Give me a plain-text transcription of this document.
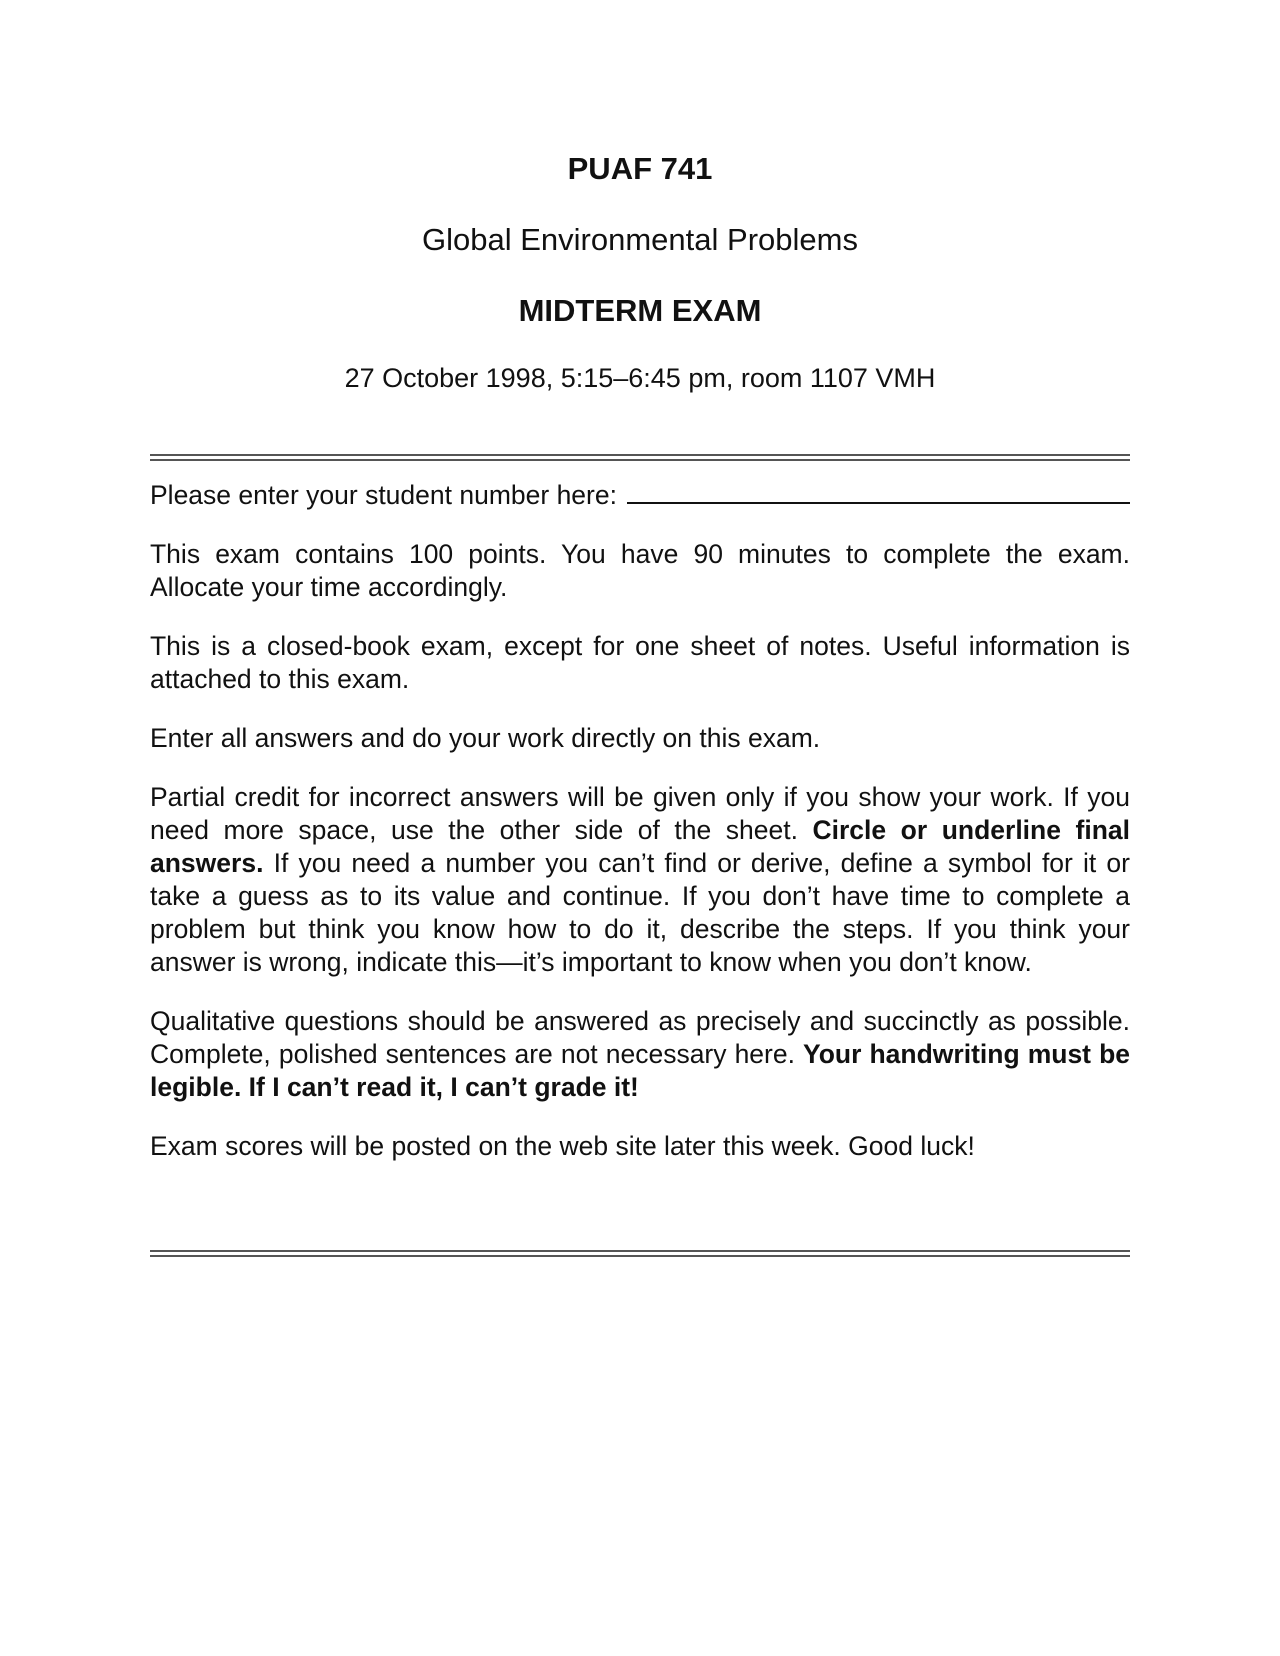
PUAF 741
Global Environmental Problems
MIDTERM EXAM
27 October 1998, 5:15–6:45 pm, room 1107 VMH
Please enter your student number here:

This exam contains 100 points. You have 90 minutes to complete the exam. Allocate your time accordingly.

This is a closed-book exam, except for one sheet of notes. Useful information is attached to this exam.

Enter all answers and do your work directly on this exam.

Partial credit for incorrect answers will be given only if you show your work. If you need more space, use the other side of the sheet. Circle or underline final answers. If you need a number you can’t find or derive, define a symbol for it or take a guess as to its value and continue. If you don’t have time to complete a problem but think you know how to do it, describe the steps. If you think your answer is wrong, indicate this—it’s important to know when you don’t know.

Qualitative questions should be answered as precisely and succinctly as possible. Complete, polished sentences are not necessary here. Your handwriting must be legible. If I can’t read it, I can’t grade it!

Exam scores will be posted on the web site later this week. Good luck!
